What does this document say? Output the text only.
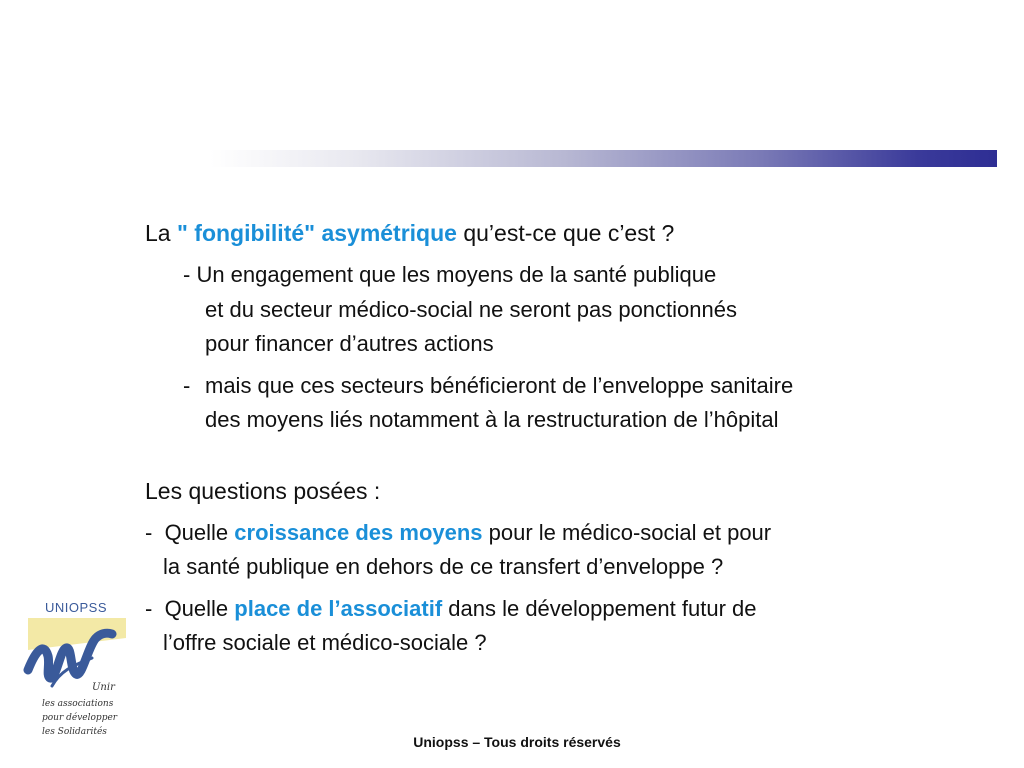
La " fongibilité" asymétrique qu’est-ce que c’est ?
- Un engagement que les moyens de la santé publique
et du secteur médico-social ne seront pas ponctionnés
pour financer d’autres actions
- mais que ces secteurs bénéficieront de l’enveloppe sanitaire
des moyens liés notamment à la restructuration de l’hôpital
Les questions posées :
- Quelle croissance des moyens pour le médico-social et pour
la santé publique en dehors de ce transfert d’enveloppe ?
- Quelle place de l’associatif dans le développement futur de
l’offre sociale et médico-sociale ?
UNIOPSS
Unir
les associations
pour développer
les Solidarités
Uniopss – Tous droits réservés
